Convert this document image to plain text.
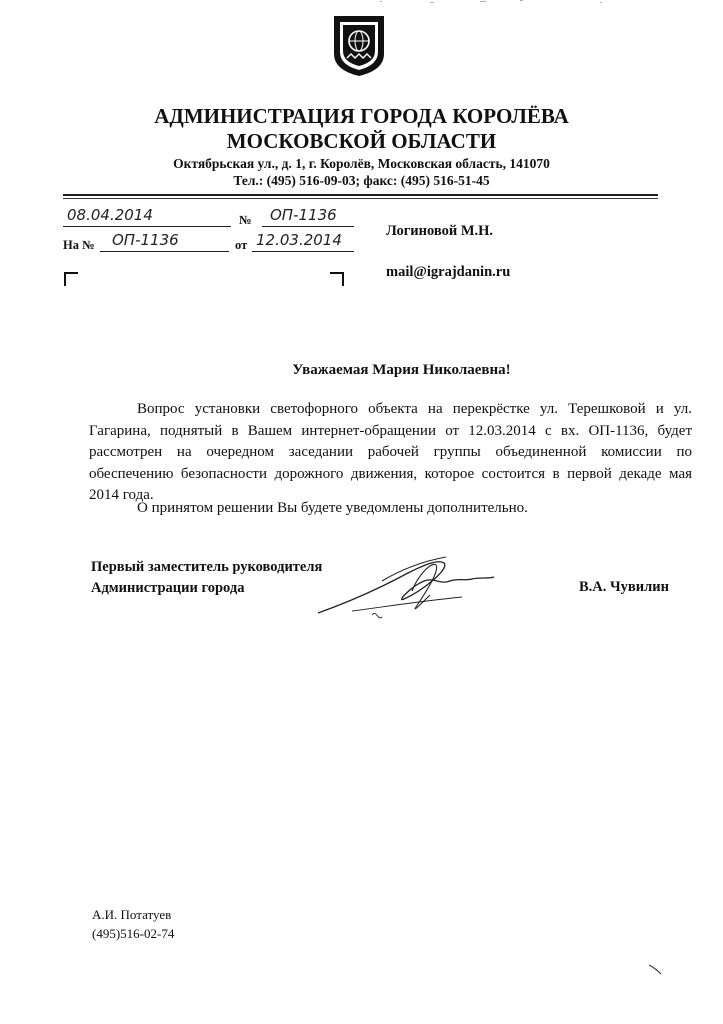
АДМИНИСТРАЦИЯ ГОРОДА КОРОЛЁВА
МОСКОВСКОЙ ОБЛАСТИ
Октябрьская ул., д. 1, г. Королёв, Московская область, 141070
Тел.: (495) 516-09-03; факс: (495) 516-51-45
08.04.2014	№ ОП-1136
На № ОП-1136	от 12.03.2014	Логиновой М.Н.
mail@igrajdanin.ru
Уважаемая Мария Николаевна!
Вопрос установки светофорного объекта на перекрёстке ул. Терешковой и ул. Гагарина, поднятый в Вашем интернет-обращении от 12.03.2014 с вх. ОП-1136, будет рассмотрен на очередном заседании рабочей группы объединенной комиссии по обеспечению безопасности дорожного движения, которое состоится в первой декаде мая 2014 года.
О принятом решении Вы будете уведомлены дополнительно.
Первый заместитель руководителя
Администрации города	В.А. Чувилин
А.И. Потатуев
(495)516-02-74
